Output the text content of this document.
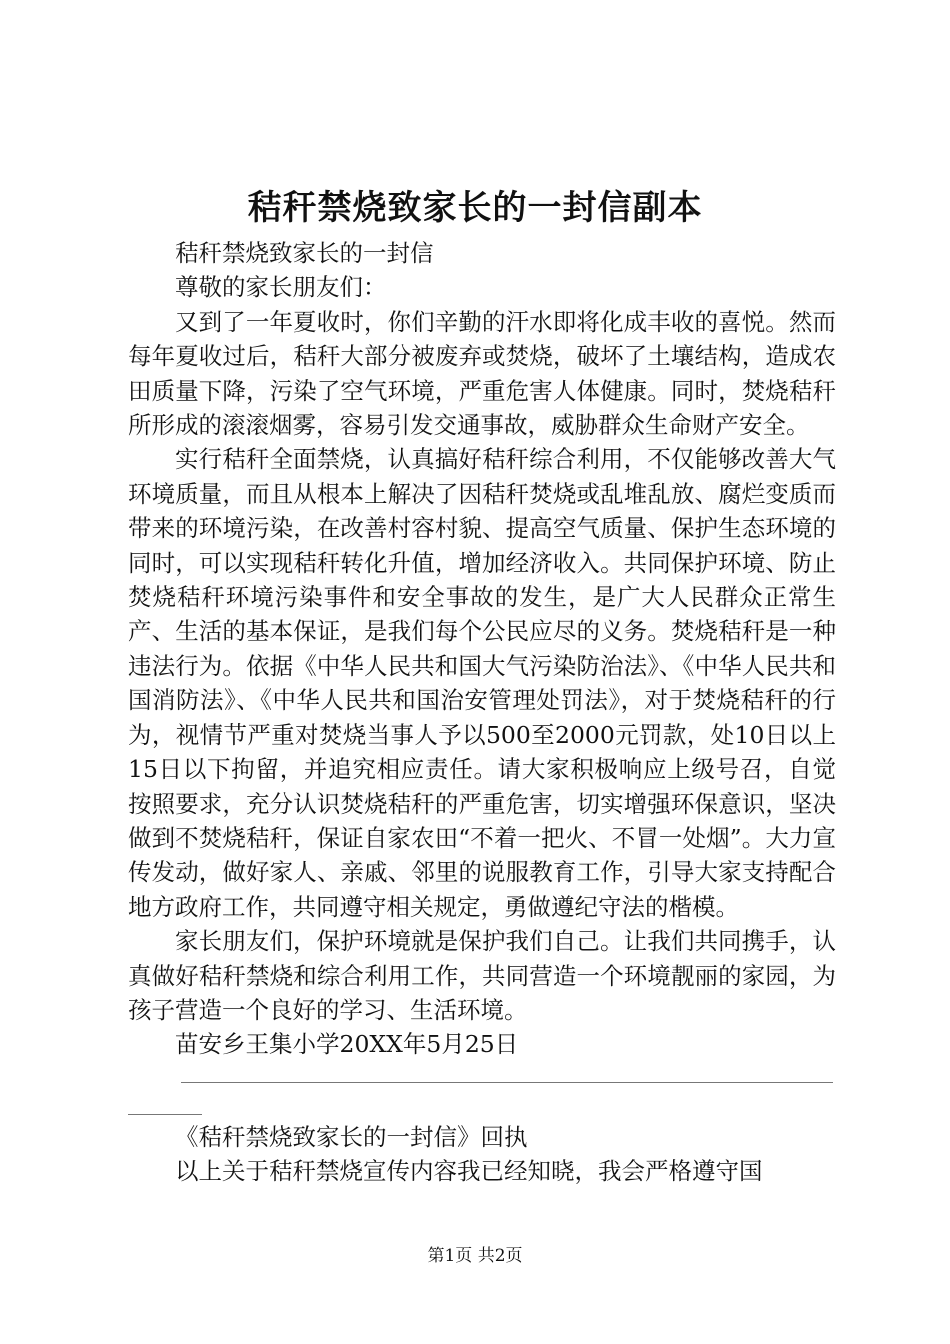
秸秆禁烧致家长的一封信副本

秸秆禁烧致家长的一封信

尊敬的家长朋友们：

又到了一年夏收时，你们辛勤的汗水即将化成丰收的喜悦。然而每年夏收过后，秸秆大部分被废弃或焚烧，破坏了土壤结构，造成农田质量下降，污染了空气环境，严重危害人体健康。同时，焚烧秸秆所形成的滚滚烟雾，容易引发交通事故，威胁群众生命财产安全。

实行秸秆全面禁烧，认真搞好秸秆综合利用，不仅能够改善大气环境质量，而且从根本上解决了因秸秆焚烧或乱堆乱放、腐烂变质而带来的环境污染，在改善村容村貌、提高空气质量、保护生态环境的同时，可以实现秸秆转化升值，增加经济收入。共同保护环境、防止焚烧秸秆环境污染事件和安全事故的发生，是广大人民群众正常生产、生活的基本保证，是我们每个公民应尽的义务。焚烧秸秆是一种违法行为。依据《中华人民共和国大气污染防治法》、《中华人民共和国消防法》、《中华人民共和国治安管理处罚法》，对于焚烧秸秆的行为，视情节严重对焚烧当事人予以500至2000元罚款，处10日以上15日以下拘留，并追究相应责任。请大家积极响应上级号召，自觉按照要求，充分认识焚烧秸秆的严重危害，切实增强环保意识，坚决做到不焚烧秸秆，保证自家农田“不着一把火、不冒一处烟”。大力宣传发动，做好家人、亲戚、邻里的说服教育工作，引导大家支持配合地方政府工作，共同遵守相关规定，勇做遵纪守法的楷模。

家长朋友们，保护环境就是保护我们自己。让我们共同携手，认真做好秸秆禁烧和综合利用工作，共同营造一个环境靓丽的家园，为孩子营造一个良好的学习、生活环境。

苗安乡王集小学20XX年5月25日

《秸秆禁烧致家长的一封信》回执

以上关于秸秆禁烧宣传内容我已经知晓，我会严格遵守国

第1页 共2页
